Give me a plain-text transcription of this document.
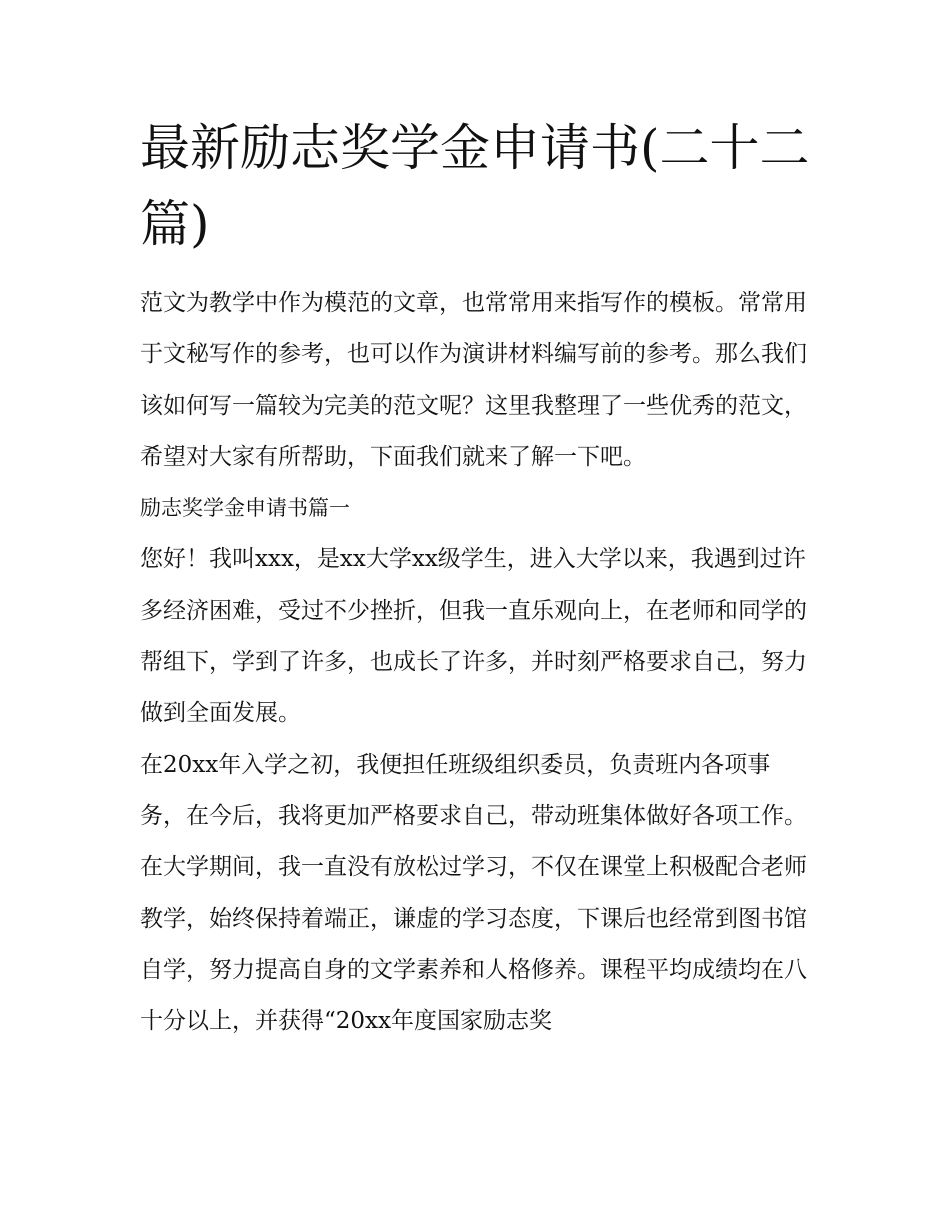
最新励志奖学金申请书(二十二篇)

范文为教学中作为模范的文章，也常常用来指写作的模板。常常用于文秘写作的参考，也可以作为演讲材料编写前的参考。那么我们该如何写一篇较为完美的范文呢？这里我整理了一些优秀的范文，希望对大家有所帮助，下面我们就来了解一下吧。

励志奖学金申请书篇一

您好！我叫xxx，是xx大学xx级学生，进入大学以来，我遇到过许多经济困难，受过不少挫折，但我一直乐观向上，在老师和同学的帮组下，学到了许多，也成长了许多，并时刻严格要求自己，努力做到全面发展。

在20xx年入学之初，我便担任班级组织委员，负责班内各项事务，在今后，我将更加严格要求自己，带动班集体做好各项工作。在大学期间，我一直没有放松过学习，不仅在课堂上积极配合老师教学，始终保持着端正，谦虚的学习态度，下课后也经常到图书馆自学，努力提高自身的文学素养和人格修养。课程平均成绩均在八十分以上，并获得“20xx年度国家励志奖
